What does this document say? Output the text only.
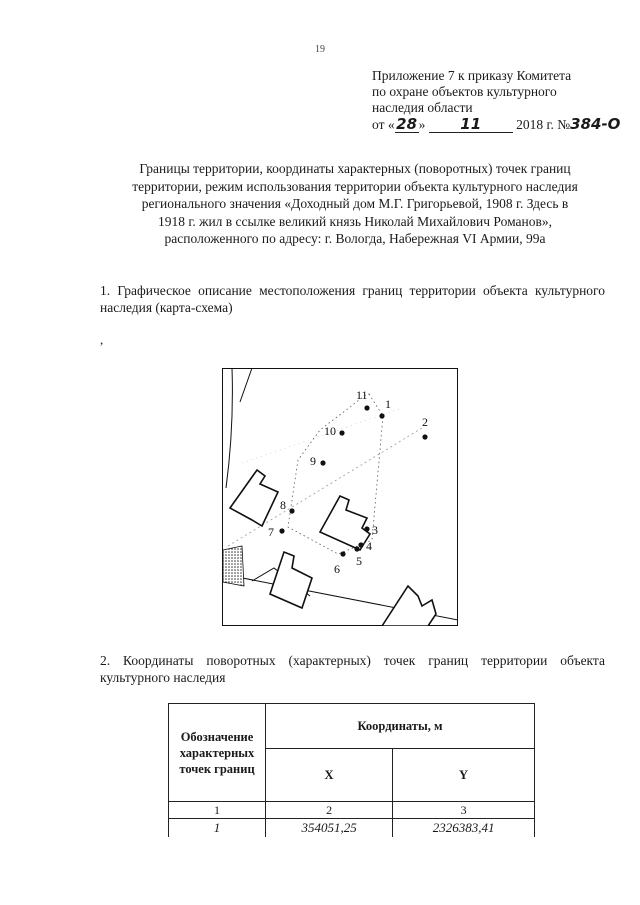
19
Приложение 7 к приказу Комитета
по охране объектов культурного
наследия области
от « 28 » 11	2018 г. №384-О
Границы территории, координаты характерных (поворотных) точек границ
территории, режим использования территории объекта культурного наследия
регионального значения «Доходный дом М.Г. Григорьевой, 1908 г. Здесь в
1918 г. жил в ссылке великий князь Николай Михайлович Романов»,
расположенного по адресу: г. Вологда, Набережная VI Армии, 99а
1. Графическое описание местоположения границ территории объекта культурного наследия (карта-схема)
,
11
1
2
10
9
8
7	3
4
5
6
2. Координаты поворотных (характерных) точек границ территории объекта культурного наследия
Обозначение характерных точек границ	Координаты, м	
	X	Y
1	2	3
1	354051,25	2326383,41
